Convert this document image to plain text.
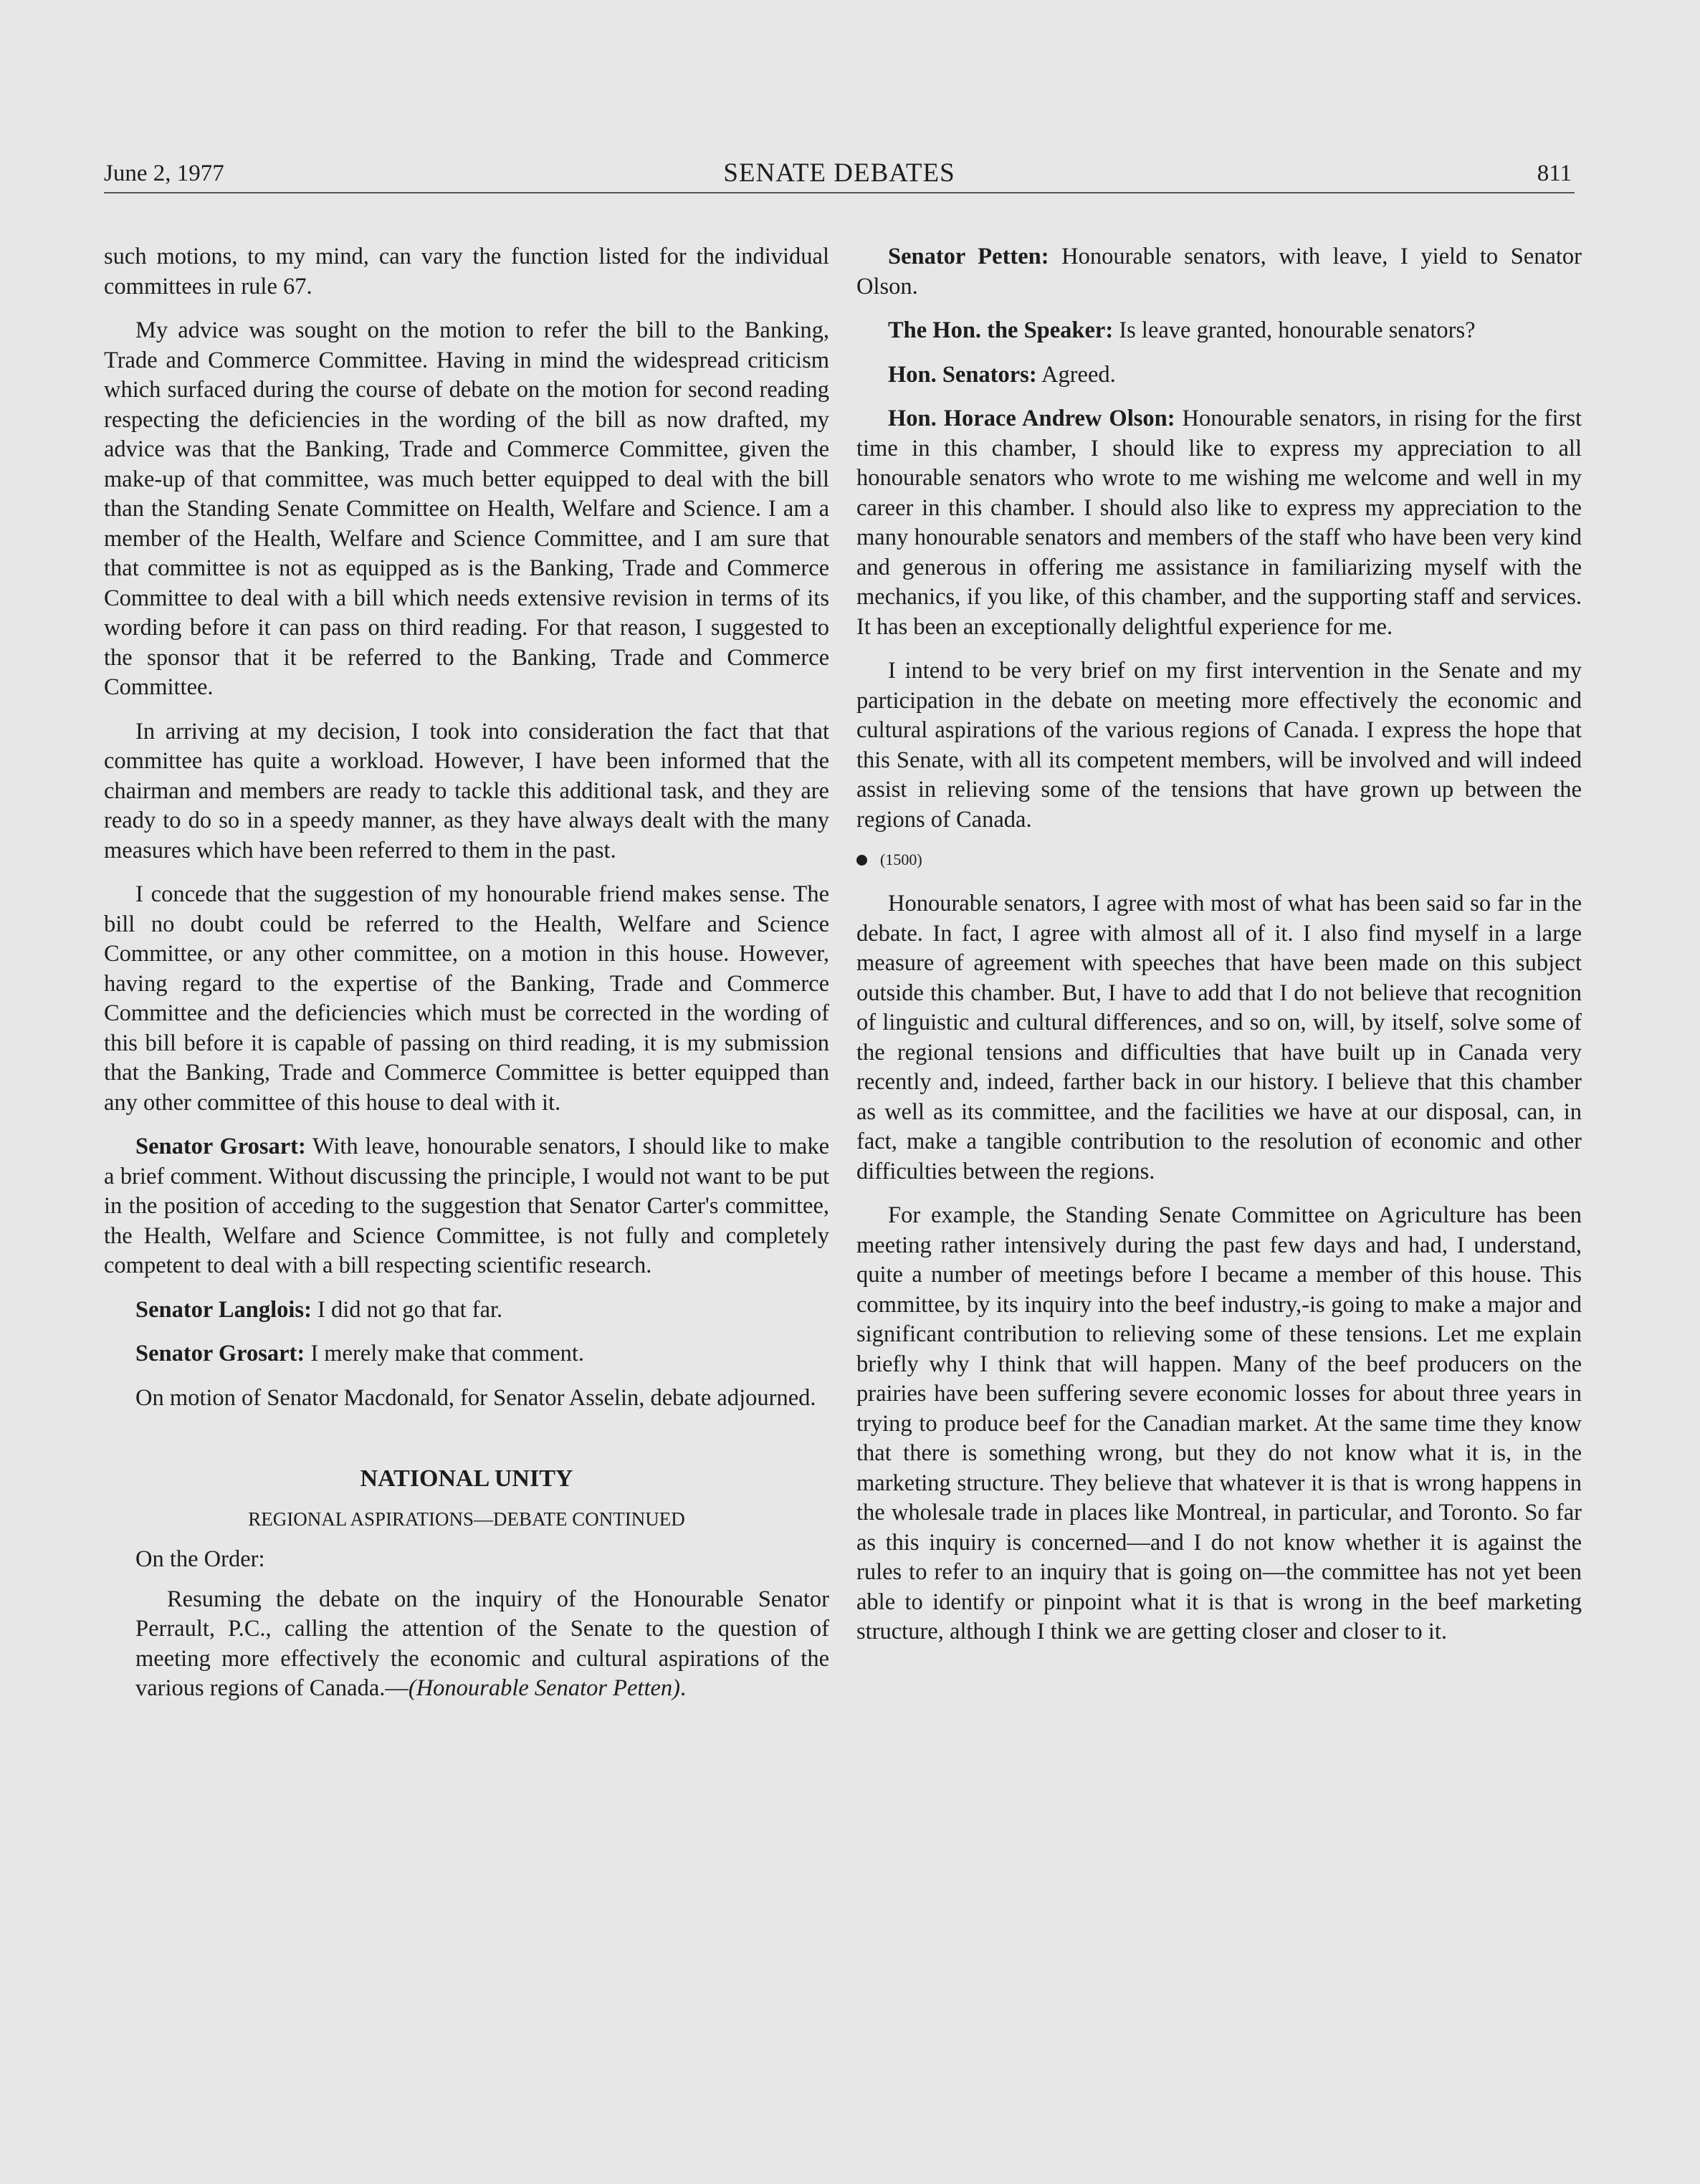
June 2, 1977	SENATE DEBATES	811

such motions, to my mind, can vary the function listed for the individual committees in rule 67.

My advice was sought on the motion to refer the bill to the Banking, Trade and Commerce Committee. Having in mind the widespread criticism which surfaced during the course of debate on the motion for second reading respecting the deficiencies in the wording of the bill as now drafted, my advice was that the Banking, Trade and Commerce Committee, given the make-up of that committee, was much better equipped to deal with the bill than the Standing Senate Committee on Health, Welfare and Science. I am a member of the Health, Welfare and Science Committee, and I am sure that that committee is not as equipped as is the Banking, Trade and Commerce Committee to deal with a bill which needs extensive revision in terms of its wording before it can pass on third reading. For that reason, I suggested to the sponsor that it be referred to the Banking, Trade and Commerce Committee.

In arriving at my decision, I took into consideration the fact that that committee has quite a workload. However, I have been informed that the chairman and members are ready to tackle this additional task, and they are ready to do so in a speedy manner, as they have always dealt with the many measures which have been referred to them in the past.

I concede that the suggestion of my honourable friend makes sense. The bill no doubt could be referred to the Health, Welfare and Science Committee, or any other committee, on a motion in this house. However, having regard to the expertise of the Banking, Trade and Commerce Committee and the deficiencies which must be corrected in the wording of this bill before it is capable of passing on third reading, it is my submission that the Banking, Trade and Commerce Committee is better equipped than any other committee of this house to deal with it.

Senator Grosart: With leave, honourable senators, I should like to make a brief comment. Without discussing the principle, I would not want to be put in the position of acceding to the suggestion that Senator Carter's committee, the Health, Welfare and Science Committee, is not fully and completely competent to deal with a bill respecting scientific research.

Senator Langlois: I did not go that far.

Senator Grosart: I merely make that comment.

On motion of Senator Macdonald, for Senator Asselin, debate adjourned.

NATIONAL UNITY
REGIONAL ASPIRATIONS—DEBATE CONTINUED
On the Order:
Resuming the debate on the inquiry of the Honourable Senator Perrault, P.C., calling the attention of the Senate to the question of meeting more effectively the economic and cultural aspirations of the various regions of Canada.—(Honourable Senator Petten).

Senator Petten: Honourable senators, with leave, I yield to Senator Olson.

The Hon. the Speaker: Is leave granted, honourable senators?

Hon. Senators: Agreed.

Hon. Horace Andrew Olson: Honourable senators, in rising for the first time in this chamber, I should like to express my appreciation to all honourable senators who wrote to me wishing me welcome and well in my career in this chamber. I should also like to express my appreciation to the many honourable senators and members of the staff who have been very kind and generous in offering me assistance in familiarizing myself with the mechanics, if you like, of this chamber, and the supporting staff and services. It has been an exceptionally delightful experience for me.

I intend to be very brief on my first intervention in the Senate and my participation in the debate on meeting more effectively the economic and cultural aspirations of the various regions of Canada. I express the hope that this Senate, with all its competent members, will be involved and will indeed assist in relieving some of the tensions that have grown up between the regions of Canada.

(1500)

Honourable senators, I agree with most of what has been said so far in the debate. In fact, I agree with almost all of it. I also find myself in a large measure of agreement with speeches that have been made on this subject outside this chamber. But, I have to add that I do not believe that recognition of linguistic and cultural differences, and so on, will, by itself, solve some of the regional tensions and difficulties that have built up in Canada very recently and, indeed, farther back in our history. I believe that this chamber as well as its committee, and the facilities we have at our disposal, can, in fact, make a tangible contribution to the resolution of economic and other difficulties between the regions.

For example, the Standing Senate Committee on Agriculture has been meeting rather intensively during the past few days and had, I understand, quite a number of meetings before I became a member of this house. This committee, by its inquiry into the beef industry,-is going to make a major and significant contribution to relieving some of these tensions. Let me explain briefly why I think that will happen. Many of the beef producers on the prairies have been suffering severe economic losses for about three years in trying to produce beef for the Canadian market. At the same time they know that there is something wrong, but they do not know what it is, in the marketing structure. They believe that whatever it is that is wrong happens in the wholesale trade in places like Montreal, in particular, and Toronto. So far as this inquiry is concerned—and I do not know whether it is against the rules to refer to an inquiry that is going on—the committee has not yet been able to identify or pinpoint what it is that is wrong in the beef marketing structure, although I think we are getting closer and closer to it.
